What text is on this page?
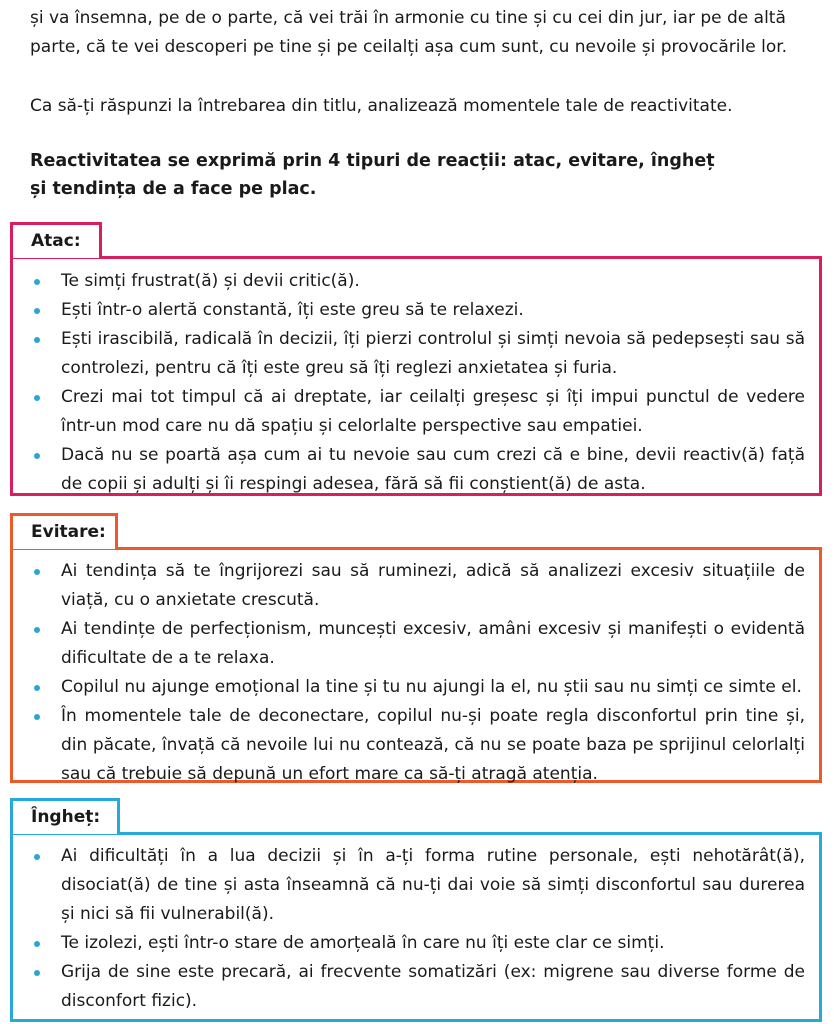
și va însemna, pe de o parte, că vei trăi în armonie cu tine și cu cei din jur, iar pe de altă parte, că te vei descoperi pe tine și pe ceilalți așa cum sunt, cu nevoile și provocările lor.

Ca să-ți răspunzi la întrebarea din titlu, analizează momentele tale de reactivitate.

Reactivitatea se exprimă prin 4 tipuri de reacții: atac, evitare, îngheț
și tendința de a face pe plac.
Atac:
Te simți frustrat(ă) și devii critic(ă).
Ești într-o alertă constantă, îți este greu să te relaxezi.
Ești irascibilă, radicală în decizii, îți pierzi controlul și simți nevoia să pedepsești sau să controlezi, pentru că îți este greu să îți reglezi anxietatea și furia.
Crezi mai tot timpul că ai dreptate, iar ceilalți greșesc și îți impui punctul de vedere într-un mod care nu dă spațiu și celorlalte perspective sau empatiei.
Dacă nu se poartă așa cum ai tu nevoie sau cum crezi că e bine, devii reactiv(ă) față de copii și adulți și îi respingi adesea, fără să fii conștient(ă) de asta.
Evitare:
Ai tendința să te îngrijorezi sau să ruminezi, adică să analizezi excesiv situațiile de viață, cu o anxietate crescută.
Ai tendințe de perfecționism, muncești excesiv, amâni excesiv și manifești o evidentă dificultate de a te relaxa.
Copilul nu ajunge emoțional la tine și tu nu ajungi la el, nu știi sau nu simți ce simte el.
În momentele tale de deconectare, copilul nu-și poate regla disconfortul prin tine și, din păcate, învață că nevoile lui nu contează, că nu se poate baza pe sprijinul celorlalți sau că trebuie să depună un efort mare ca să-ți atragă atenția.
Îngheț:
Ai dificultăți în a lua decizii și în a-ți forma rutine personale, ești nehotărât(ă), disociat(ă) de tine și asta înseamnă că nu-ți dai voie să simți disconfortul sau durerea și nici să fii vulnerabil(ă).
Te izolezi, ești într-o stare de amorțeală în care nu îți este clar ce simți.
Grija de sine este precară, ai frecvente somatizări (ex: migrene sau diverse forme de disconfort fizic).
